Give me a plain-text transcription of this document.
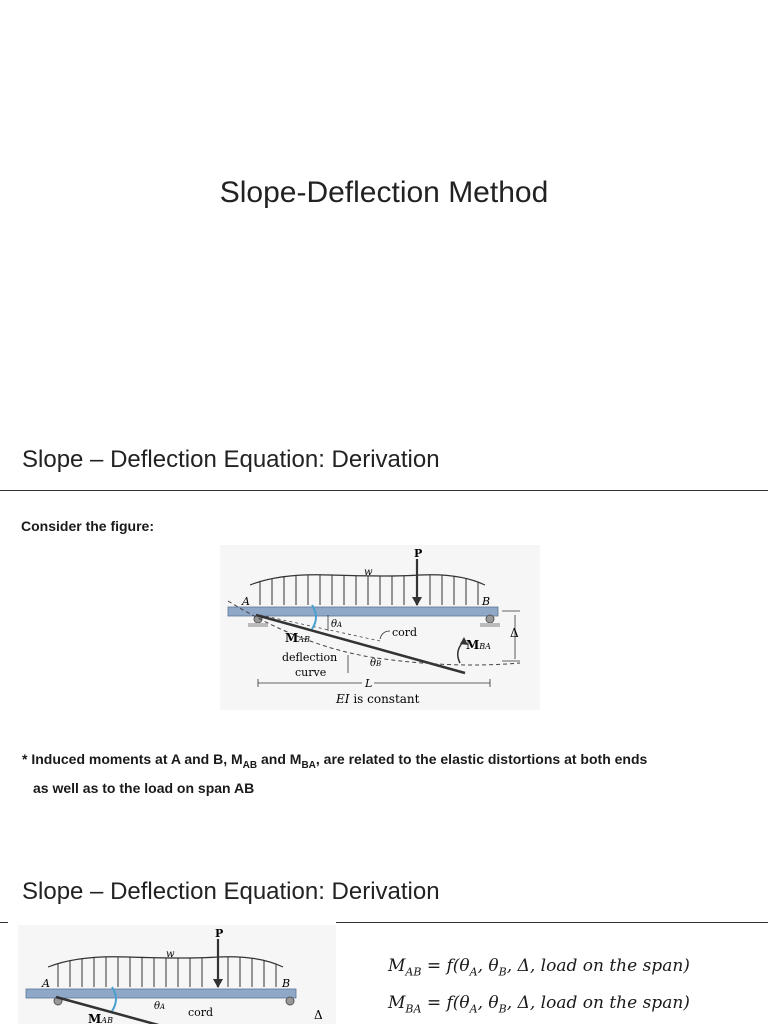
Slope-Deflection Method
Slope – Deflection Equation: Derivation
Consider the figure:
P
w
A	B
MAB
θA
cord
MBA
Δ
deflection
curve
θB
L
EI is constant
* Induced moments at A and B, $M_{AB}$ and $M_{BA}$, are related to the elastic distortions at both ends
as well as to the load on span AB
Slope – Deflection Equation: Derivation
P
w
A	B
MAB
θA cord	Δ
$M_{AB} = f(\theta_A$, $\theta_B$, Δ, load on the span)
$M_{BA} = f(\theta_A$, $\theta_B$, Δ, load on the span)
